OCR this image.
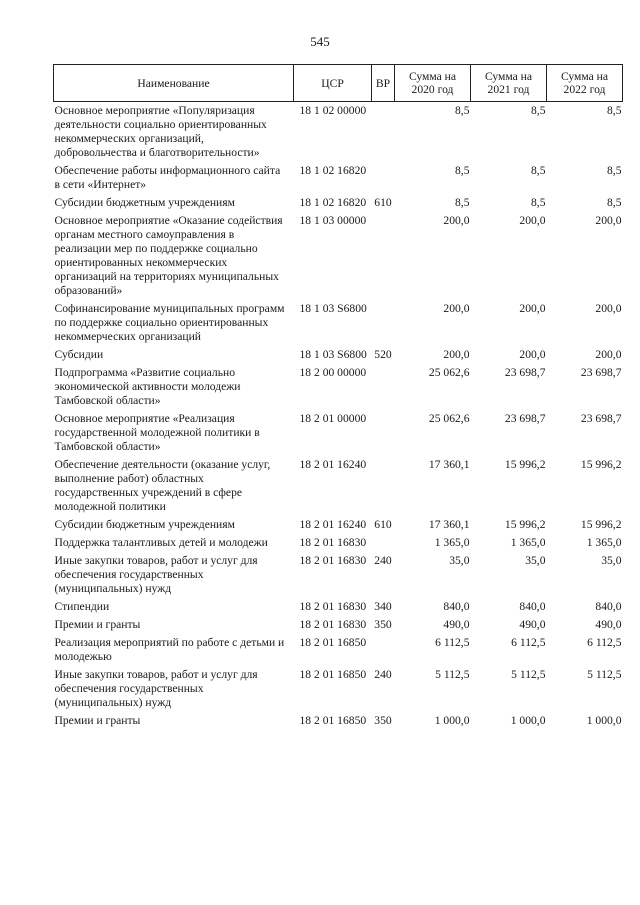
545
Наименование	ЦСР	ВР	Сумма на 2020 год	Сумма на 2021 год	Сумма на 2022 год
Основное мероприятие «Популяризация деятельности социально ориентированных некоммерческих организаций, добровольчества и благотворительности»	18 1 02 00000		8,5	8,5	8,5
Обеспечение работы информационного сайта в сети «Интернет»	18 1 02 16820		8,5	8,5	8,5
Субсидии бюджетным учреждениям	18 1 02 16820	610	8,5	8,5	8,5
Основное мероприятие «Оказание содействия органам местного самоуправления в реализации мер по поддержке социально ориентированных некоммерческих организаций на территориях муниципальных образований»	18 1 03 00000		200,0	200,0	200,0
Софинансирование муниципальных программ по поддержке социально ориентированных некоммерческих организаций	18 1 03 S6800		200,0	200,0	200,0
Субсидии	18 1 03 S6800	520	200,0	200,0	200,0
Подпрограмма «Развитие социально экономической активности молодежи Тамбовской области»	18 2 00 00000		25 062,6	23 698,7	23 698,7
Основное мероприятие «Реализация государственной молодежной политики в Тамбовской области»	18 2 01 00000		25 062,6	23 698,7	23 698,7
Обеспечение деятельности (оказание услуг, выполнение работ) областных государственных учреждений в сфере молодежной политики	18 2 01 16240		17 360,1	15 996,2	15 996,2
Субсидии бюджетным учреждениям	18 2 01 16240	610	17 360,1	15 996,2	15 996,2
Поддержка талантливых детей и молодежи	18 2 01 16830		1 365,0	1 365,0	1 365,0
Иные закупки товаров, работ и услуг для обеспечения государственных (муниципальных) нужд	18 2 01 16830	240	35,0	35,0	35,0
Стипендии	18 2 01 16830	340	840,0	840,0	840,0
Премии и гранты	18 2 01 16830	350	490,0	490,0	490,0
Реализация мероприятий по работе с детьми и молодежью	18 2 01 16850		6 112,5	6 112,5	6 112,5
Иные закупки товаров, работ и услуг для обеспечения государственных (муниципальных) нужд	18 2 01 16850	240	5 112,5	5 112,5	5 112,5
Премии и гранты	18 2 01 16850	350	1 000,0	1 000,0	1 000,0
